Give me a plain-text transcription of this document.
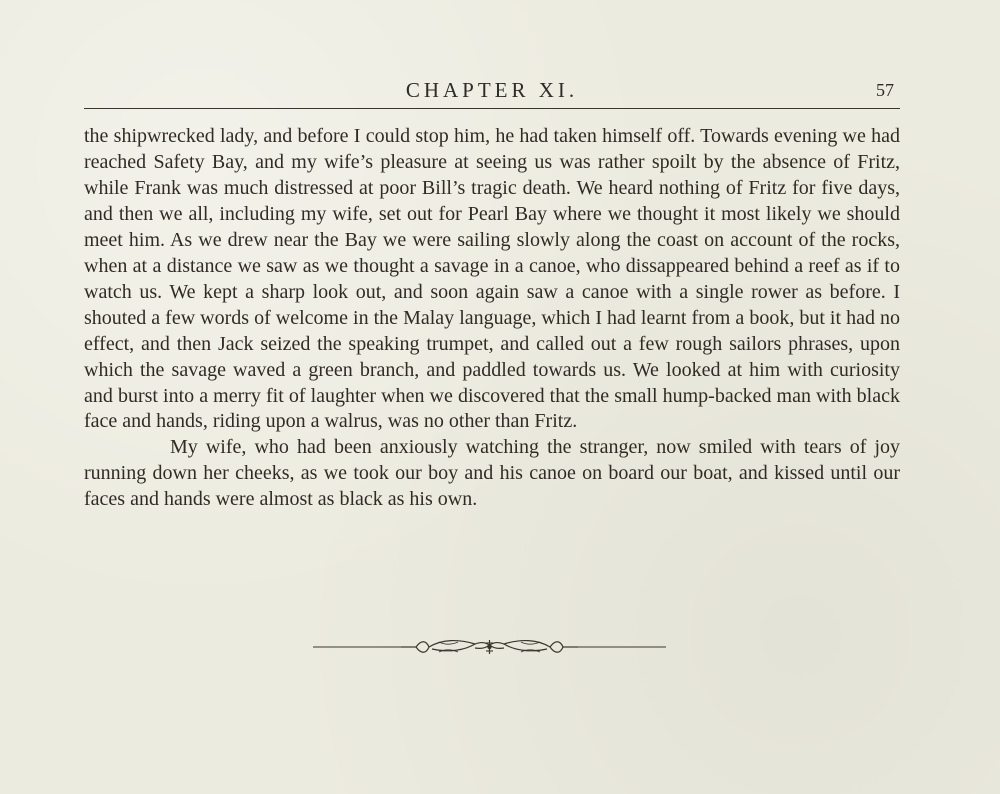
CHAPTER XI.	57

the shipwrecked lady, and before I could stop him, he had taken himself off. Towards evening we had reached Safety Bay, and my wife’s pleasure at seeing us was rather spoilt by the absence of Fritz, while Frank was much distressed at poor Bill’s tragic death. We heard nothing of Fritz for five days, and then we all, including my wife, set out for Pearl Bay where we thought it most likely we should meet him. As we drew near the Bay we were sailing slowly along the coast on account of the rocks, when at a distance we saw as we thought a savage in a canoe, who dissappeared behind a reef as if to watch us. We kept a sharp look out, and soon again saw a canoe with a single rower as before. I shouted a few words of welcome in the Malay language, which I had learnt from a book, but it had no effect, and then Jack seized the speaking trumpet, and called out a few rough sailors phrases, upon which the savage waved a green branch, and paddled towards us. We looked at him with curiosity and burst into a merry fit of laughter when we discovered that the small hump-backed man with black face and hands, riding upon a walrus, was no other than Fritz.

My wife, who had been anxiously watching the stranger, now smiled with tears of joy running down her cheeks, as we took our boy and his canoe on board our boat, and kissed until our faces and hands were almost as black as his own.
